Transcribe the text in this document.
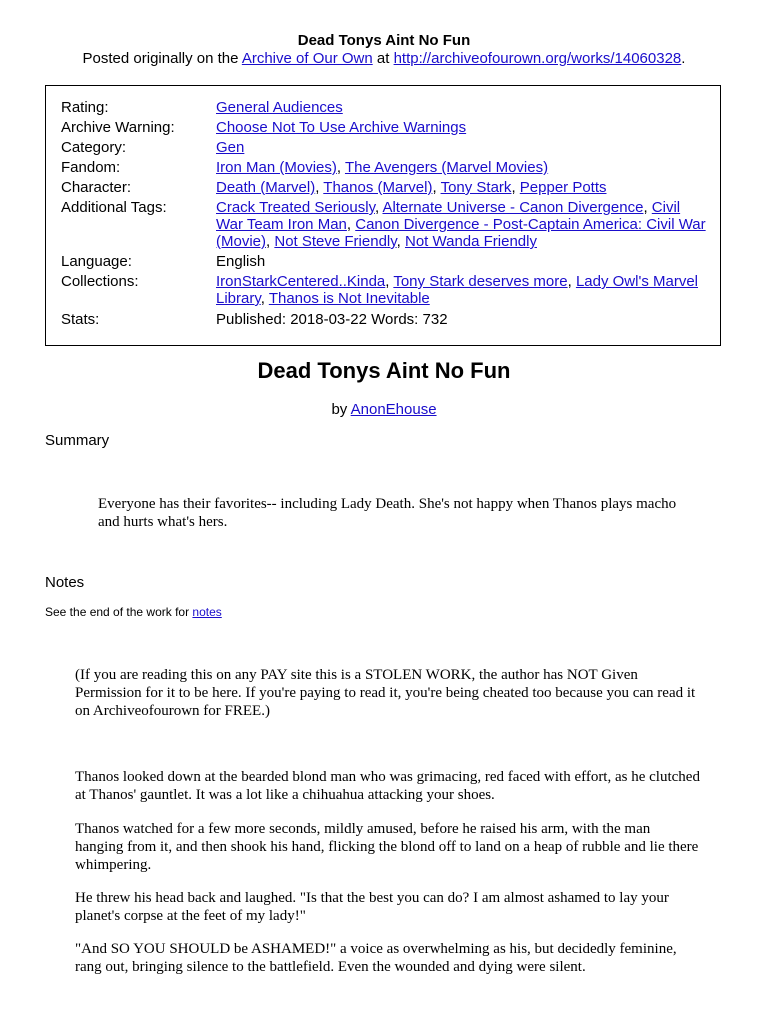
Dead Tonys Aint No Fun
Posted originally on the Archive of Our Own at http://archiveofourown.org/works/14060328.
Rating:	General Audiences
Archive Warning:	Choose Not To Use Archive Warnings
Category:	Gen
Fandom:	Iron Man (Movies), The Avengers (Marvel Movies)
Character:	Death (Marvel), Thanos (Marvel), Tony Stark, Pepper Potts
Additional Tags:	Crack Treated Seriously, Alternate Universe - Canon Divergence, Civil War Team Iron Man, Canon Divergence - Post-Captain America: Civil War (Movie), Not Steve Friendly, Not Wanda Friendly
Language:	English
Collections:	IronStarkCentered..Kinda, Tony Stark deserves more, Lady Owl's Marvel Library, Thanos is Not Inevitable
Stats:	Published: 2018-03-22 Words: 732
Dead Tonys Aint No Fun
by AnonEhouse
Summary
Everyone has their favorites-- including Lady Death. She's not happy when Thanos plays macho and hurts what's hers.
Notes
See the end of the work for notes
(If you are reading this on any PAY site this is a STOLEN WORK, the author has NOT Given Permission for it to be here. If you're paying to read it, you're being cheated too because you can read it on Archiveofourown for FREE.)
Thanos looked down at the bearded blond man who was grimacing, red faced with effort, as he clutched at Thanos' gauntlet. It was a lot like a chihuahua attacking your shoes.
Thanos watched for a few more seconds, mildly amused, before he raised his arm, with the man hanging from it, and then shook his hand, flicking the blond off to land on a heap of rubble and lie there whimpering.
He threw his head back and laughed. "Is that the best you can do? I am almost ashamed to lay your planet's corpse at the feet of my lady!"
"And SO YOU SHOULD be ASHAMED!" a voice as overwhelming as his, but decidedly feminine, rang out, bringing silence to the battlefield. Even the wounded and dying were silent.
